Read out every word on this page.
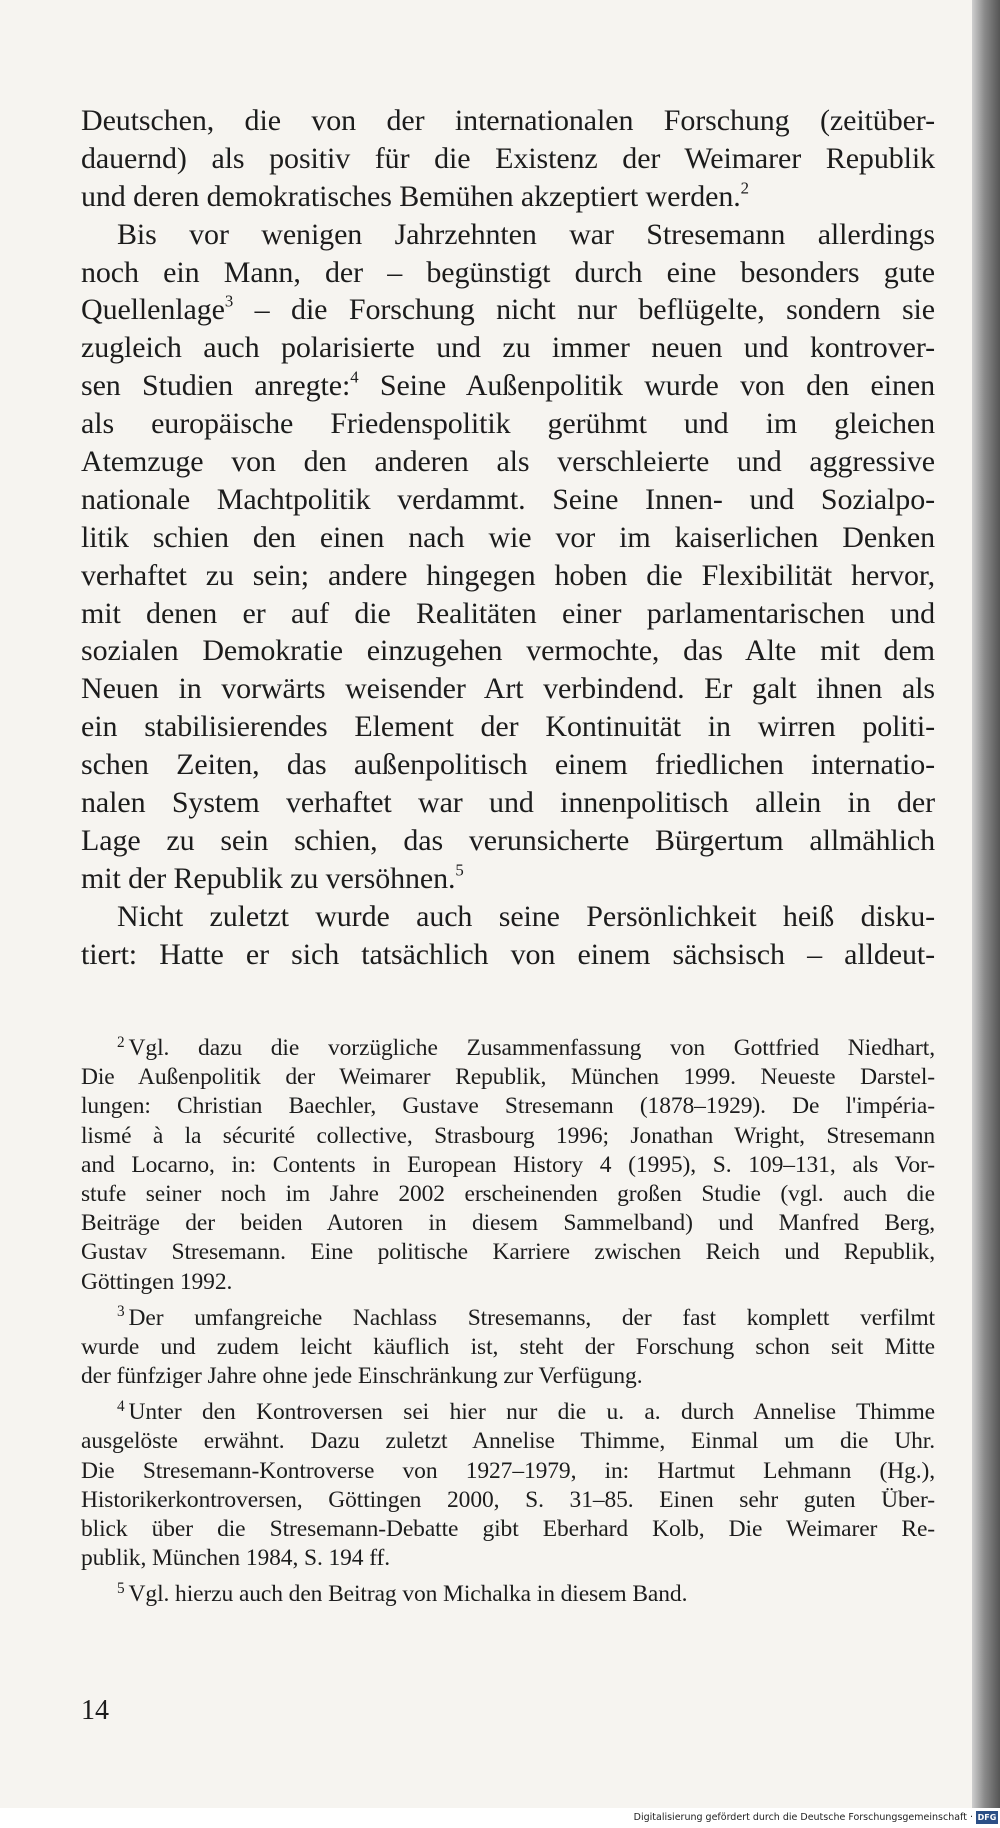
Deutschen, die von der internationalen Forschung (zeitüber-
dauernd) als positiv für die Existenz der Weimarer Republik
und deren demokratisches Bemühen akzeptiert werden.$^2$
Bis vor wenigen Jahrzehnten war Stresemann allerdings
noch ein Mann, der – begünstigt durch eine besonders gute
Quellenlage$^3$ – die Forschung nicht nur beflügelte, sondern sie
zugleich auch polarisierte und zu immer neuen und kontrover-
sen Studien anregte:$^4$ Seine Außenpolitik wurde von den einen
als europäische Friedenspolitik gerühmt und im gleichen
Atemzuge von den anderen als verschleierte und aggressive
nationale Machtpolitik verdammt. Seine Innen- und Sozialpo-
litik schien den einen nach wie vor im kaiserlichen Denken
verhaftet zu sein; andere hingegen hoben die Flexibilität hervor,
mit denen er auf die Realitäten einer parlamentarischen und
sozialen Demokratie einzugehen vermochte, das Alte mit dem
Neuen in vorwärts weisender Art verbindend. Er galt ihnen als
ein stabilisierendes Element der Kontinuität in wirren politi-
schen Zeiten, das außenpolitisch einem friedlichen internatio-
nalen System verhaftet war und innenpolitisch allein in der
Lage zu sein schien, das verunsicherte Bürgertum allmählich
mit der Republik zu versöhnen.$^5$
Nicht zuletzt wurde auch seine Persönlichkeit heiß disku-
tiert: Hatte er sich tatsächlich von einem sächsisch – alldeut-
$^2$ Vgl. dazu die vorzügliche Zusammenfassung von Gottfried Niedhart,
Die Außenpolitik der Weimarer Republik, München 1999. Neueste Darstel-
lungen: Christian Baechler, Gustave Stresemann (1878–1929). De l'impéria-
lismé à la sécurité collective, Strasbourg 1996; Jonathan Wright, Stresemann
and Locarno, in: Contents in European History 4 (1995), S. 109–131, als Vor-
stufe seiner noch im Jahre 2002 erscheinenden großen Studie (vgl. auch die
Beiträge der beiden Autoren in diesem Sammelband) und Manfred Berg,
Gustav Stresemann. Eine politische Karriere zwischen Reich und Republik,
Göttingen 1992.
$^3$ Der umfangreiche Nachlass Stresemanns, der fast komplett verfilmt
wurde und zudem leicht käuflich ist, steht der Forschung schon seit Mitte
der fünfziger Jahre ohne jede Einschränkung zur Verfügung.
$^4$ Unter den Kontroversen sei hier nur die u. a. durch Annelise Thimme
ausgelöste erwähnt. Dazu zuletzt Annelise Thimme, Einmal um die Uhr.
Die Stresemann-Kontroverse von 1927–1979, in: Hartmut Lehmann (Hg.),
Historikerkontroversen, Göttingen 2000, S. 31–85. Einen sehr guten Über-
blick über die Stresemann-Debatte gibt Eberhard Kolb, Die Weimarer Re-
publik, München 1984, S. 194 ff.
$^5$ Vgl. hierzu auch den Beitrag von Michalka in diesem Band.
14
Digitalisierung gefördert durch die Deutsche Forschungsgemeinschaft · DFG
